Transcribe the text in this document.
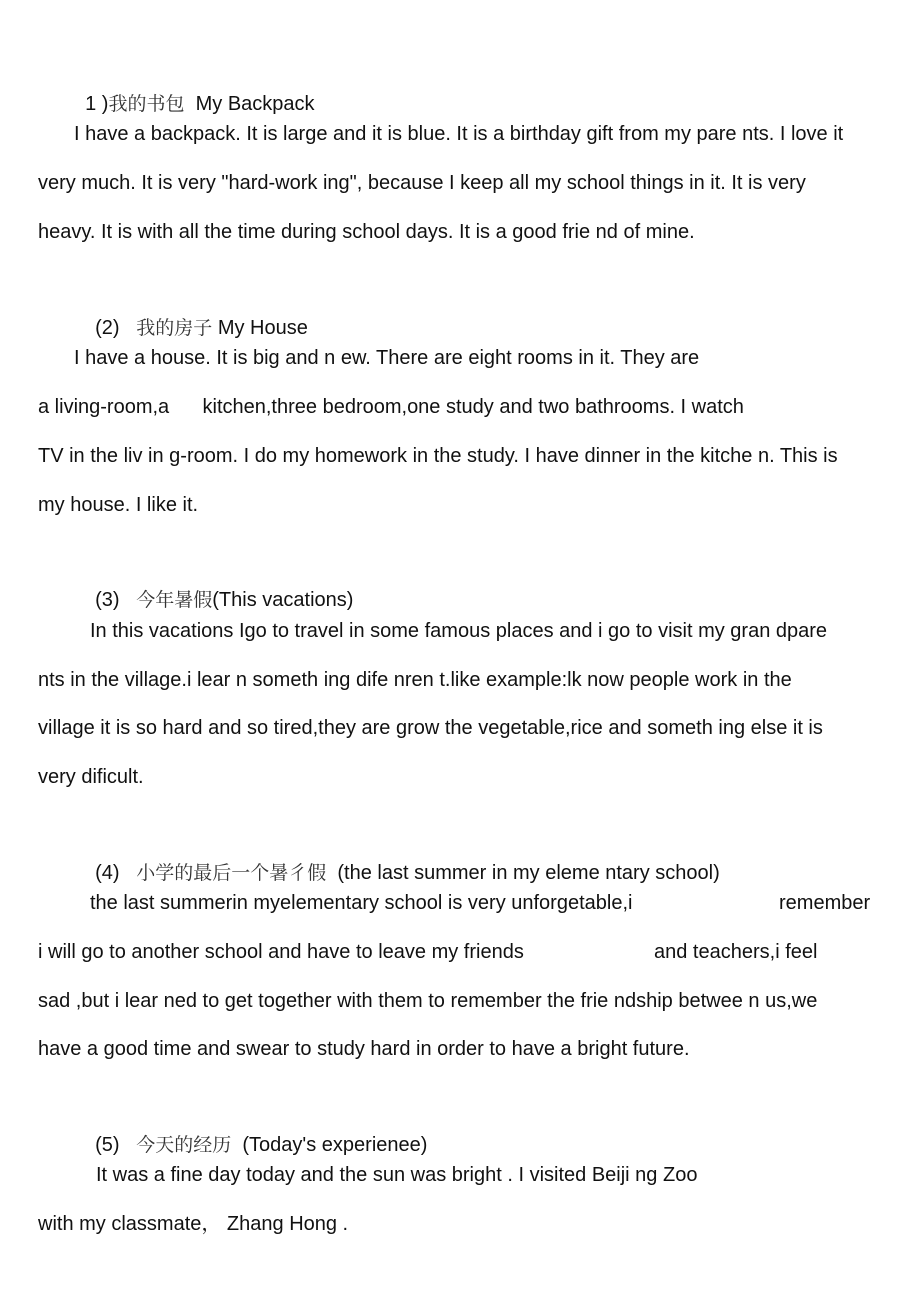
1 )我的书包 My Backpack

I have a backpack. It is large and it is blue. It is a birthday gift from my pare nts. I love it
very much. It is very "hard-work ing", because I keep all my school things in it. It is very
heavy. It is with all the time during school days. It is a good frie nd of mine.

(2) 我的房子 My House

I have a house. It is big and n ew. There are eight rooms in it. They are
a living-room,a      kitchen,three bedroom,one study and two bathrooms. I watch
TV in the liv in g-room. I do my homework in the study. I have dinner in the kitche n. This is
my house. I like it.

(3) 今年暑假(This vacations)

In this vacations Igo to travel in some famous places and i go to visit my gran dpare
nts in the village.i lear n someth ing dife nren t.like example:lk now people work in the
village it is so hard and so tired,they are grow the vegetable,rice and someth ing else it is
very dificult.

(4) 小学的最后一个暑彳假 (the last summer in my eleme ntary school)

the last summerin myelementary school is very unforgetable,i	remember
i will go to another school and have to leave my friends	and teachers,i feel
sad ,but i lear ned to get together with them to remember the frie ndship betwee n us,we
have a good time and swear to study hard in order to have a bright future.

(5) 今天的经历 (Today's experienee)

It was a fine day today and the sun was bright . I visited Beiji ng Zoo
with my classmate， Zhang Hong .
